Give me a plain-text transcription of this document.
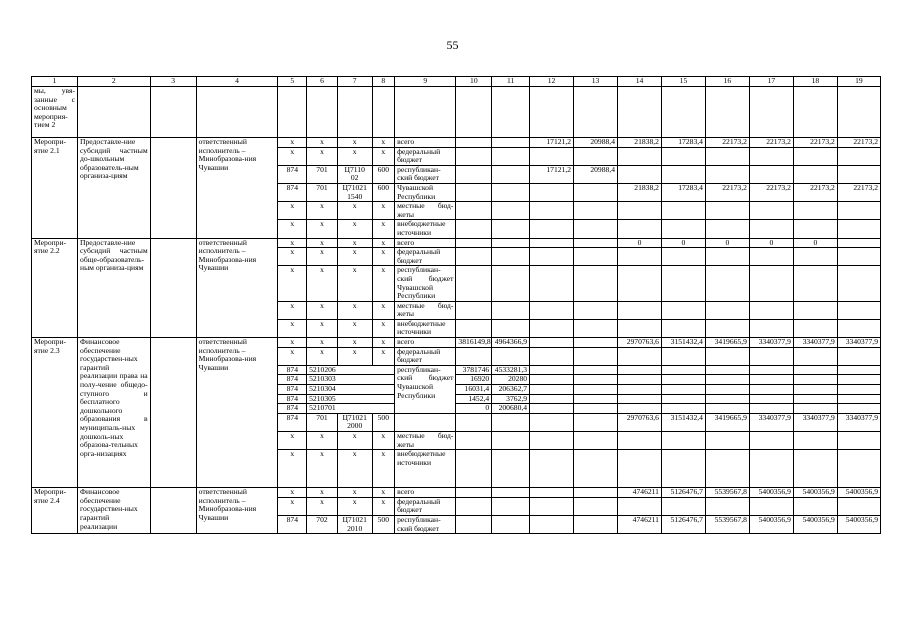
55
1	2	3	4	5	6	7	8	9	10	11	12	13	14	15	16	17	18	19
мы, увя-занные с основным мероприя-тием 2																		
Меропри-ятие 2.1	Предоставле-ние субсидий частным до-школьным образователь-ным организа-циям		ответственный исполнитель – Минобразова-ния Чувашии	x	x	x	x	всего			17121,2	20988,4	21838,2	17283,4	22173,2	22173,2	22173,2	22173,2
				x	x	x	x	федеральный бюджет										
				874	701	Ц7110 02	600	республикан-ский бюджет			17121,2	20988,4						
				874	701	Ц71021 1540	600	Чувашской Республики					21838,2	17283,4	22173,2	22173,2	22173,2	22173,2
				x	x	x	x	местные бюд-жеты										
				x	x	x	x	внебюджетные источники										
Меропри-ятие 2.2	Предоставле-ние субсидий частным обще-образователь-ным организа-циям		ответственный исполнитель – Минобразова-ния Чувашии	x	x	x	x	всего					0	0	0	0	0	
				x	x	x	x	федеральный бюджет										
				x	x	x	x	республикан-ский бюджет Чувашской Республики										
				x	x	x	x	местные бюд-жеты										
				x	x	x	x	внебюджетные источники										
Меропри-ятие 2.3	Финансовое обеспечение государствен-ных гарантий реализации права на полу-чение общедо-ступного и бесплатного дошкольного образования в муниципаль-ных дошколь-ных образова-тельных орга-низациях		ответственный исполнитель – Минобразова-ния Чувашии	x	x	x	x	всего	3816149,8	4964366,9			2970763,6	3151432,4	3419665,9	3340377,9	3340377,9	3340377,9
				x	x	x	x	федеральный бюджет										
				874	5210206			республикан-ский бюджет Чувашской Республики	3781746	4533281,3								
				874	5210303				16920	20280								
				874	5210304				16031,4	206362,7								
				874	5210305				1452,4	3762,9								
				874	5210701				0	200680,4								
				874	701	Ц71021 2000	500						2970763,6	3151432,4	3419665,9	3340377,9	3340377,9	3340377,9
				x	x	x	x	местные бюд-жеты										
				x	x	x	x	внебюджетные источники										
Меропри-ятие 2.4	Финансовое обеспечение государствен-ных гарантий реализации		ответственный исполнитель – Минобразова-ния Чувашии	x	x	x	x	всего					4746211	5126476,7	5539567,8	5400356,9	5400356,9	5400356,9
				x	x	x	x	федеральный бюджет										
				874	702	Ц71021 2010	500	республикан-ский бюджет					4746211	5126476,7	5539567,8	5400356,9	5400356,9	5400356,9
